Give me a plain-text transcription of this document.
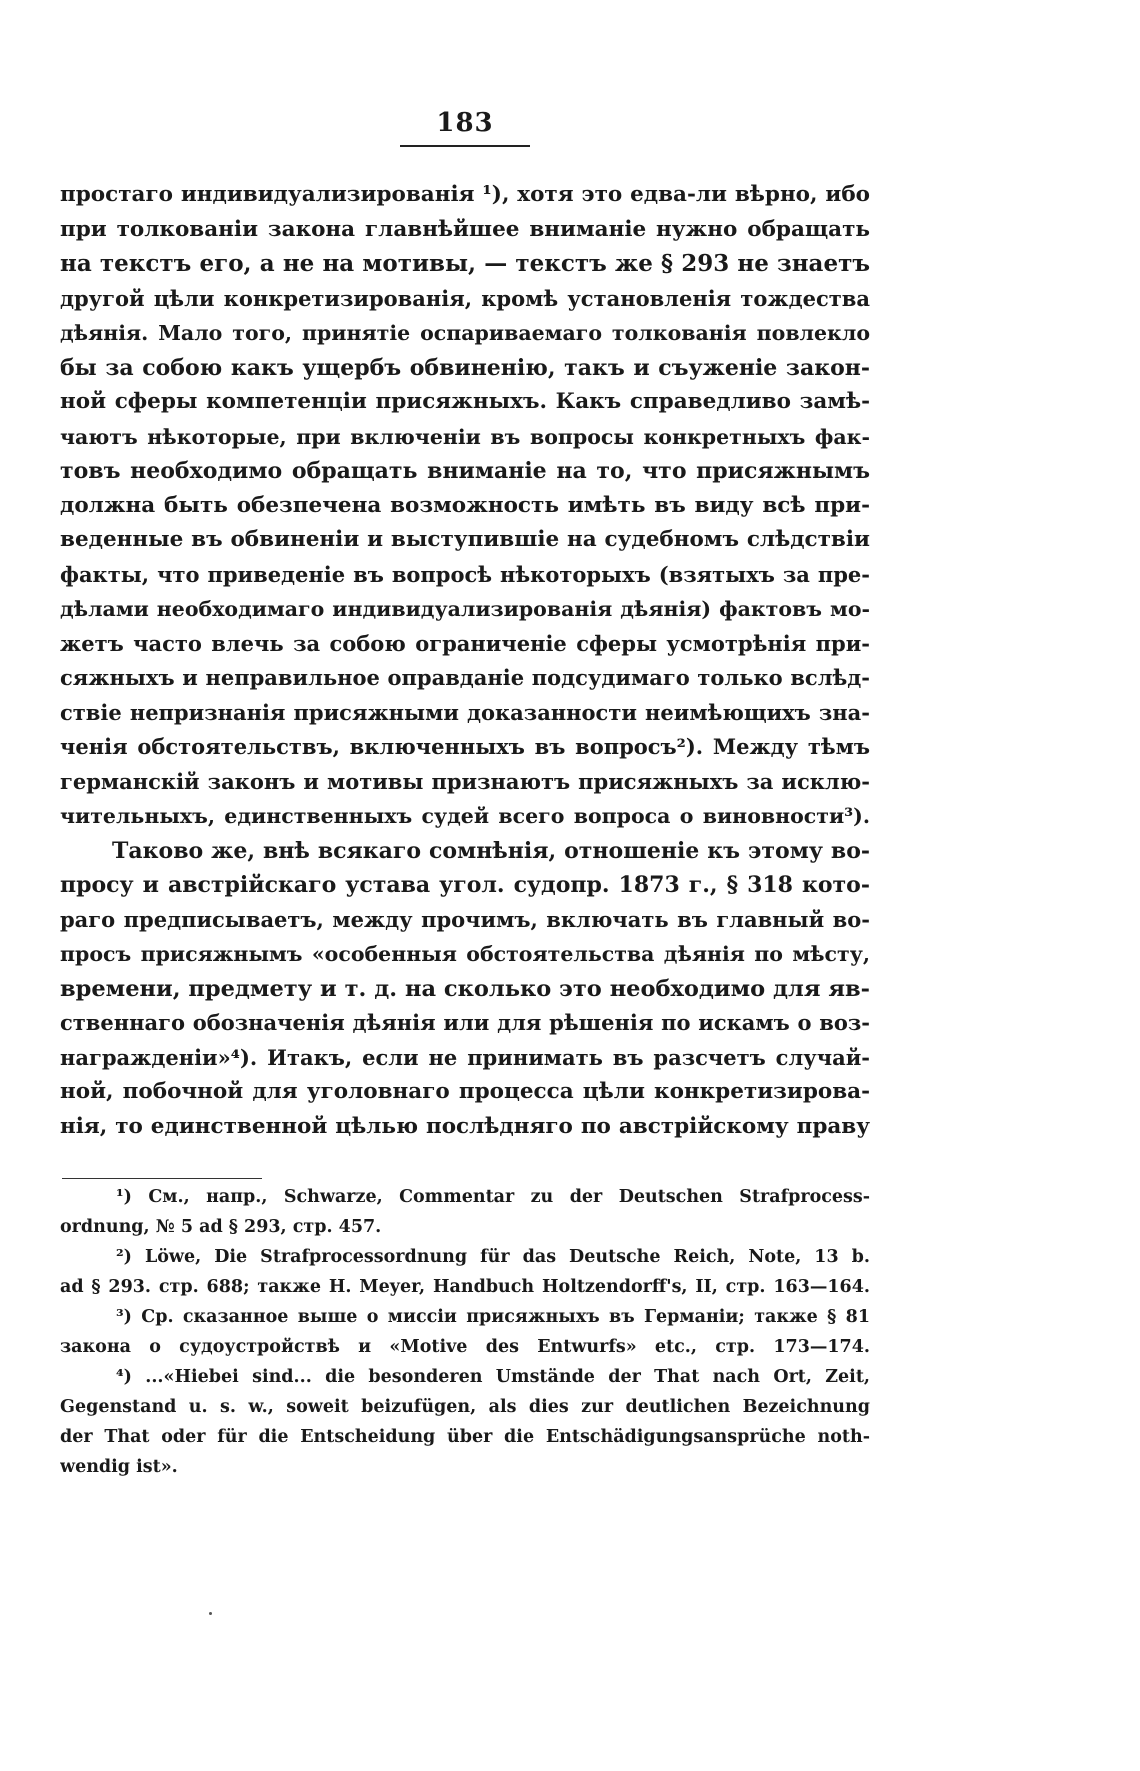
183
простаго индивидуализированія ¹), хотя это едва-ли вѣрно, ибо
при толкованіи закона главнѣйшее вниманіе нужно обращать
на текстъ его, а не на мотивы, — текстъ же § 293 не знаетъ
другой цѣли конкретизированія, кромѣ установленія тождества
дѣянія. Мало того, принятіе оспариваемаго толкованія повлекло
бы за собою какъ ущербъ обвиненію, такъ и съуженіе закон-
ной сферы компетенціи присяжныхъ. Какъ справедливо замѣ-
чаютъ нѣкоторые, при включеніи въ вопросы конкретныхъ фак-
товъ необходимо обращать вниманіе на то, что присяжнымъ
должна быть обезпечена возможность имѣть въ виду всѣ при-
веденные въ обвиненіи и выступившіе на судебномъ слѣдствіи
факты, что приведеніе въ вопросѣ нѣкоторыхъ (взятыхъ за пре-
дѣлами необходимаго индивидуализированія дѣянія) фактовъ мо-
жетъ часто влечь за собою ограниченіе сферы усмотрѣнія при-
сяжныхъ и неправильное оправданіе подсудимаго только вслѣд-
ствіе непризнанія присяжными доказанности неимѣющихъ зна-
ченія обстоятельствъ, включенныхъ въ вопросъ²). Между тѣмъ
германскій законъ и мотивы признаютъ присяжныхъ за исклю-
чительныхъ, единственныхъ судей всего вопроса о виновности³).
Таково же, внѣ всякаго сомнѣнія, отношеніе къ этому во-
просу и австрійскаго устава угол. судопр. 1873 г., § 318 кото-
раго предписываетъ, между прочимъ, включать въ главный во-
просъ присяжнымъ «особенныя обстоятельства дѣянія по мѣсту,
времени, предмету и т. д. на сколько это необходимо для яв-
ственнаго обозначенія дѣянія или для рѣшенія по искамъ о воз-
награжденіи»⁴). Итакъ, если не принимать въ разсчетъ случай-
ной, побочной для уголовнаго процесса цѣли конкретизирова-
нія, то единственной цѣлью послѣдняго по австрійскому праву
¹) См., напр., Schwarze, Commentar zu der Deutschen Strafprocess-
ordnung, № 5 ad § 293, стр. 457.
²) Löwe, Die Strafprocessordnung für das Deutsche Reich, Note, 13 b.
ad § 293. стр. 688; также H. Meyer, Handbuch Holtzendorff's, II, стр. 163—164.
³) Ср. сказанное выше о миссіи присяжныхъ въ Германіи; также § 81
закона о судоустройствѣ и «Motive des Entwurfs» etc., стр. 173—174.
⁴) ...«Hiebei sind... die besonderen Umstände der That nach Ort, Zeit,
Gegenstand u. s. w., soweit beizufügen, als dies zur deutlichen Bezeichnung
der That oder für die Entscheidung über die Entschädigungsansprüche noth-
wendig ist».
